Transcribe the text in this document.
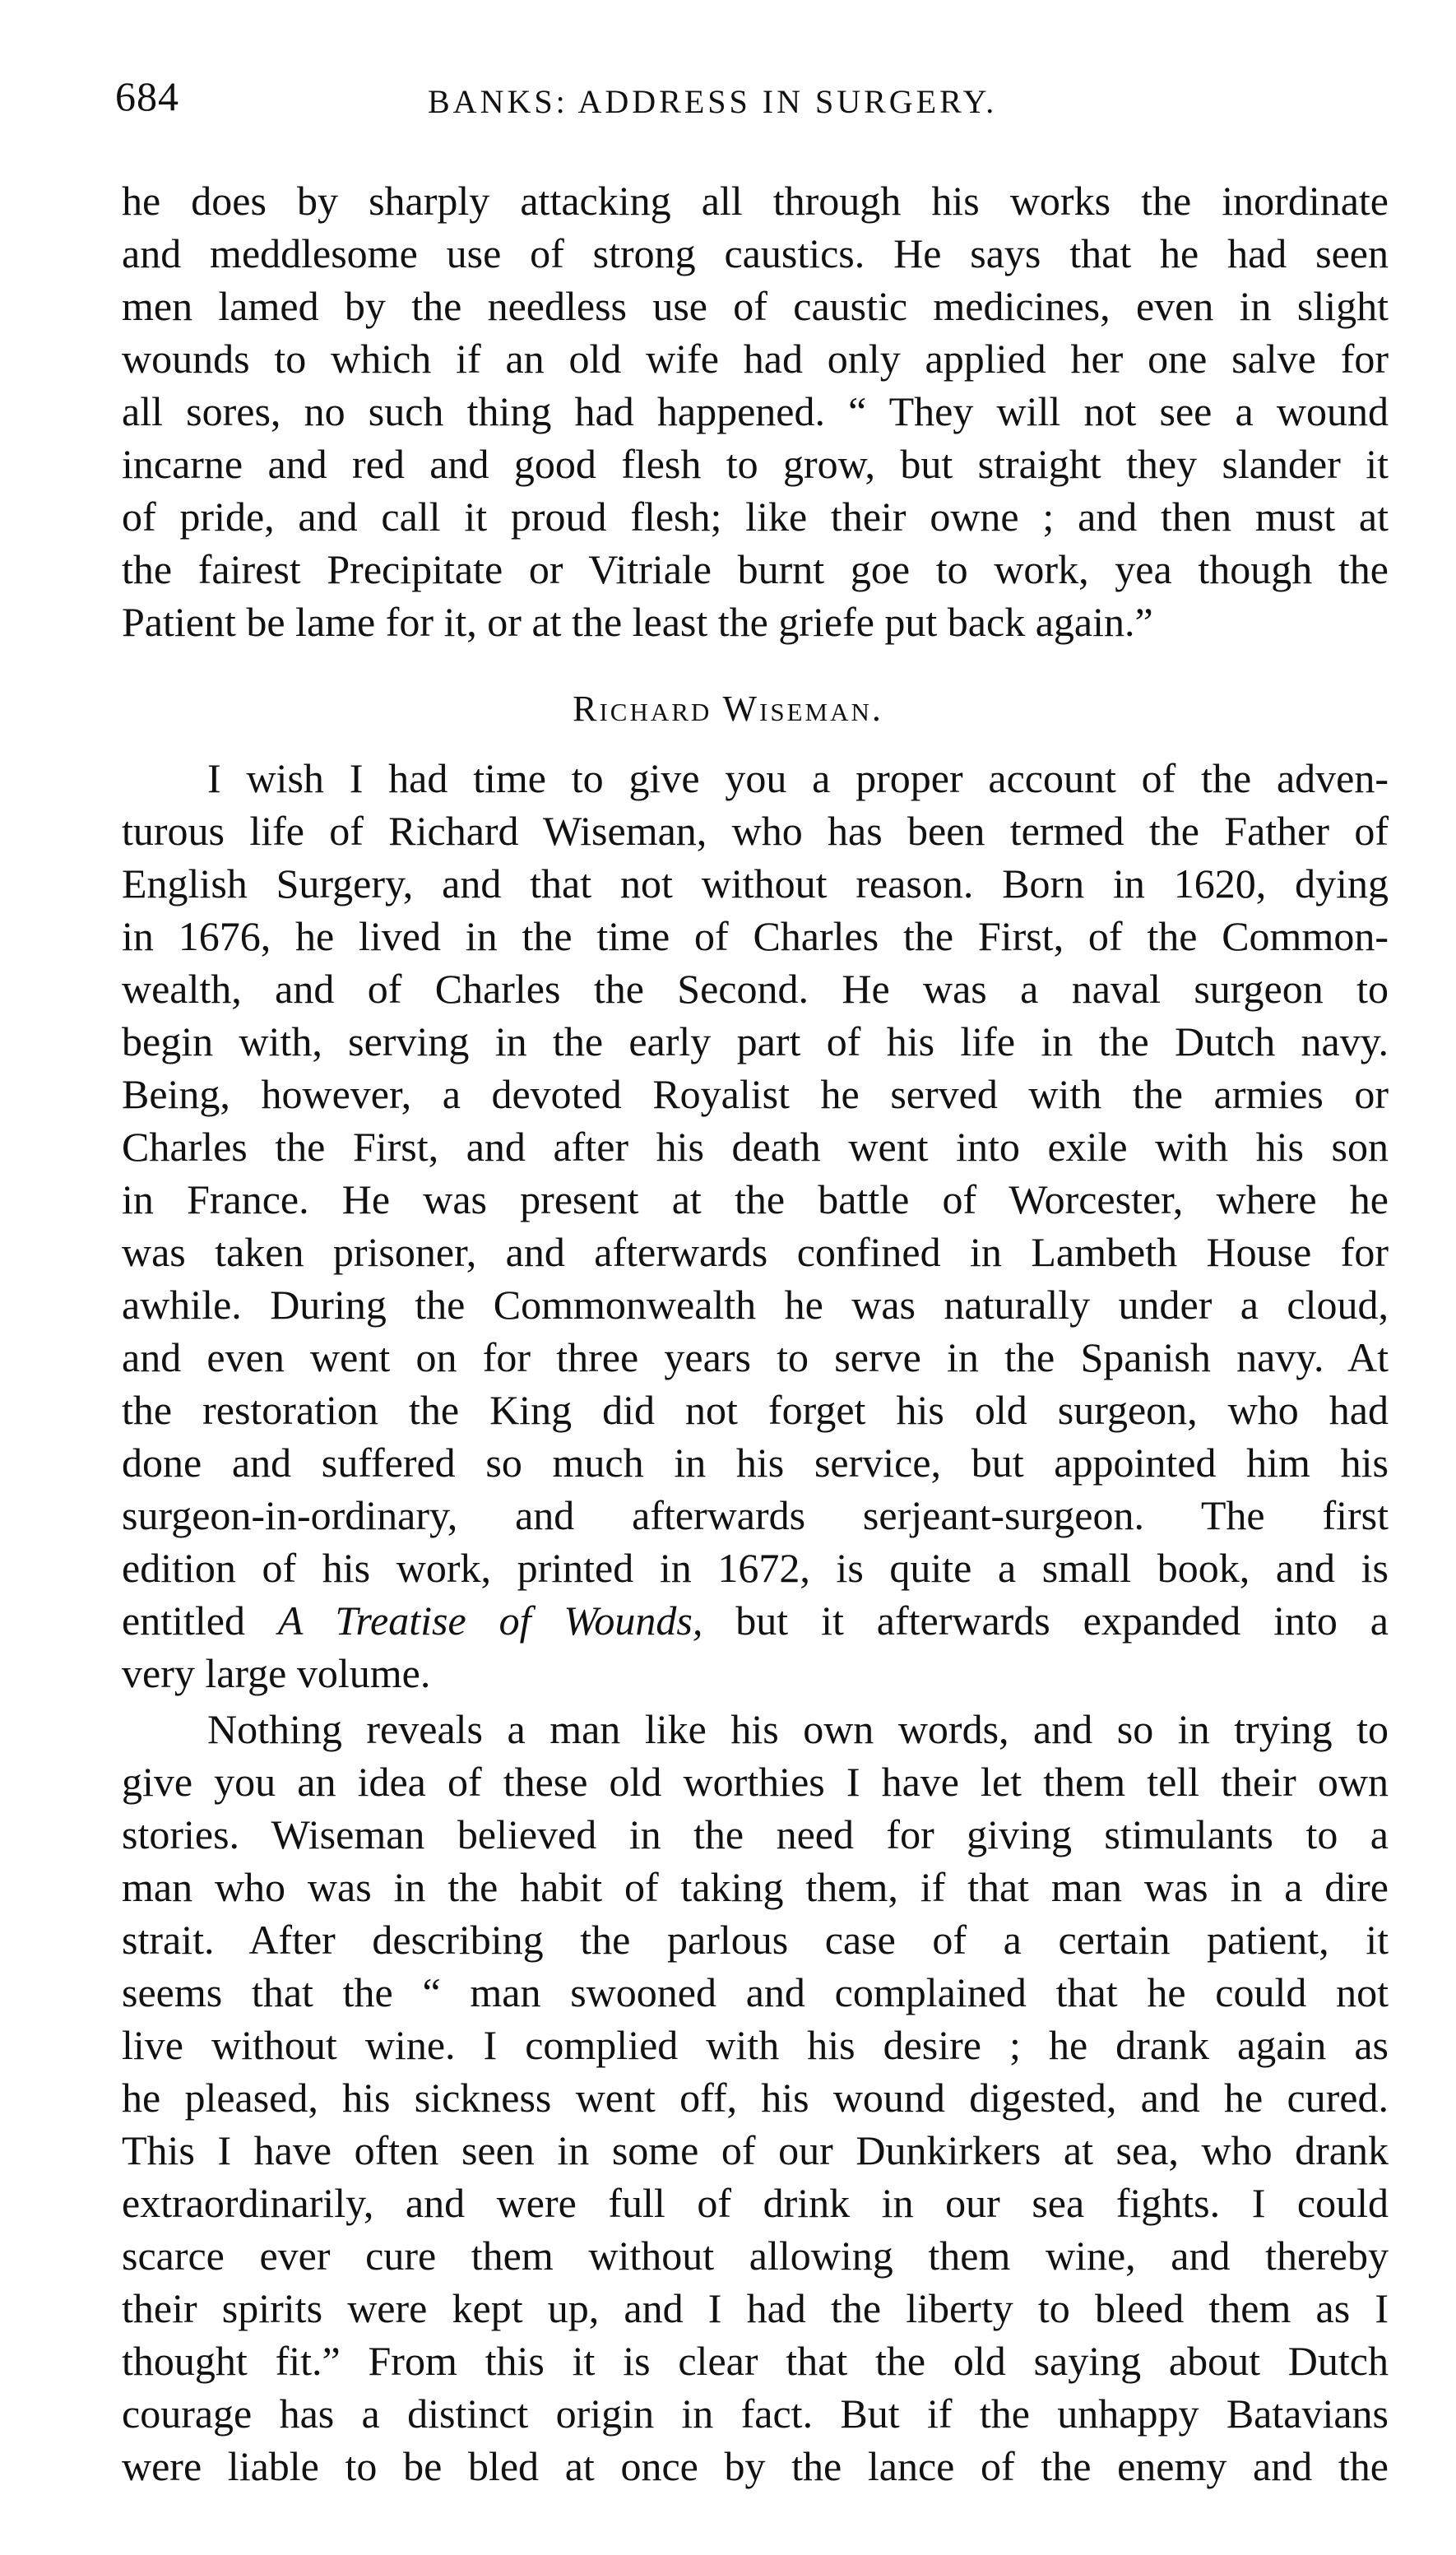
684	BANKS: ADDRESS IN SURGERY.
he does by sharply attacking all through his works the inordinate
and meddlesome use of strong caustics. He says that he had seen
men lamed by the needless use of caustic medicines, even in slight
wounds to which if an old wife had only applied her one salve for
all sores, no such thing had happened. “ They will not see a wound
incarne and red and good flesh to grow, but straight they slander it
of pride, and call it proud flesh; like their owne ; and then must at
the fairest Precipitate or Vitriale burnt goe to work, yea though the
Patient be lame for it, or at the least the griefe put back again.”
Richard Wiseman.
I wish I had time to give you a proper account of the adven-
turous life of Richard Wiseman, who has been termed the Father of
English Surgery, and that not without reason. Born in 1620, dying
in 1676, he lived in the time of Charles the First, of the Common-
wealth, and of Charles the Second. He was a naval surgeon to
begin with, serving in the early part of his life in the Dutch navy.
Being, however, a devoted Royalist he served with the armies or
Charles the First, and after his death went into exile with his son
in France. He was present at the battle of Worcester, where he
was taken prisoner, and afterwards confined in Lambeth House for
awhile. During the Commonwealth he was naturally under a cloud,
and even went on for three years to serve in the Spanish navy. At
the restoration the King did not forget his old surgeon, who had
done and suffered so much in his service, but appointed him his
surgeon-in-ordinary, and afterwards serjeant-surgeon. The first
edition of his work, printed in 1672, is quite a small book, and is
entitled A Treatise of Wounds, but it afterwards expanded into a
very large volume.
Nothing reveals a man like his own words, and so in trying to
give you an idea of these old worthies I have let them tell their own
stories. Wiseman believed in the need for giving stimulants to a
man who was in the habit of taking them, if that man was in a dire
strait. After describing the parlous case of a certain patient, it
seems that the “ man swooned and complained that he could not
live without wine. I complied with his desire ; he drank again as
he pleased, his sickness went off, his wound digested, and he cured.
This I have often seen in some of our Dunkirkers at sea, who drank
extraordinarily, and were full of drink in our sea fights. I could
scarce ever cure them without allowing them wine, and thereby
their spirits were kept up, and I had the liberty to bleed them as I
thought fit.” From this it is clear that the old saying about Dutch
courage has a distinct origin in fact. But if the unhappy Batavians
were liable to be bled at once by the lance of the enemy and the
